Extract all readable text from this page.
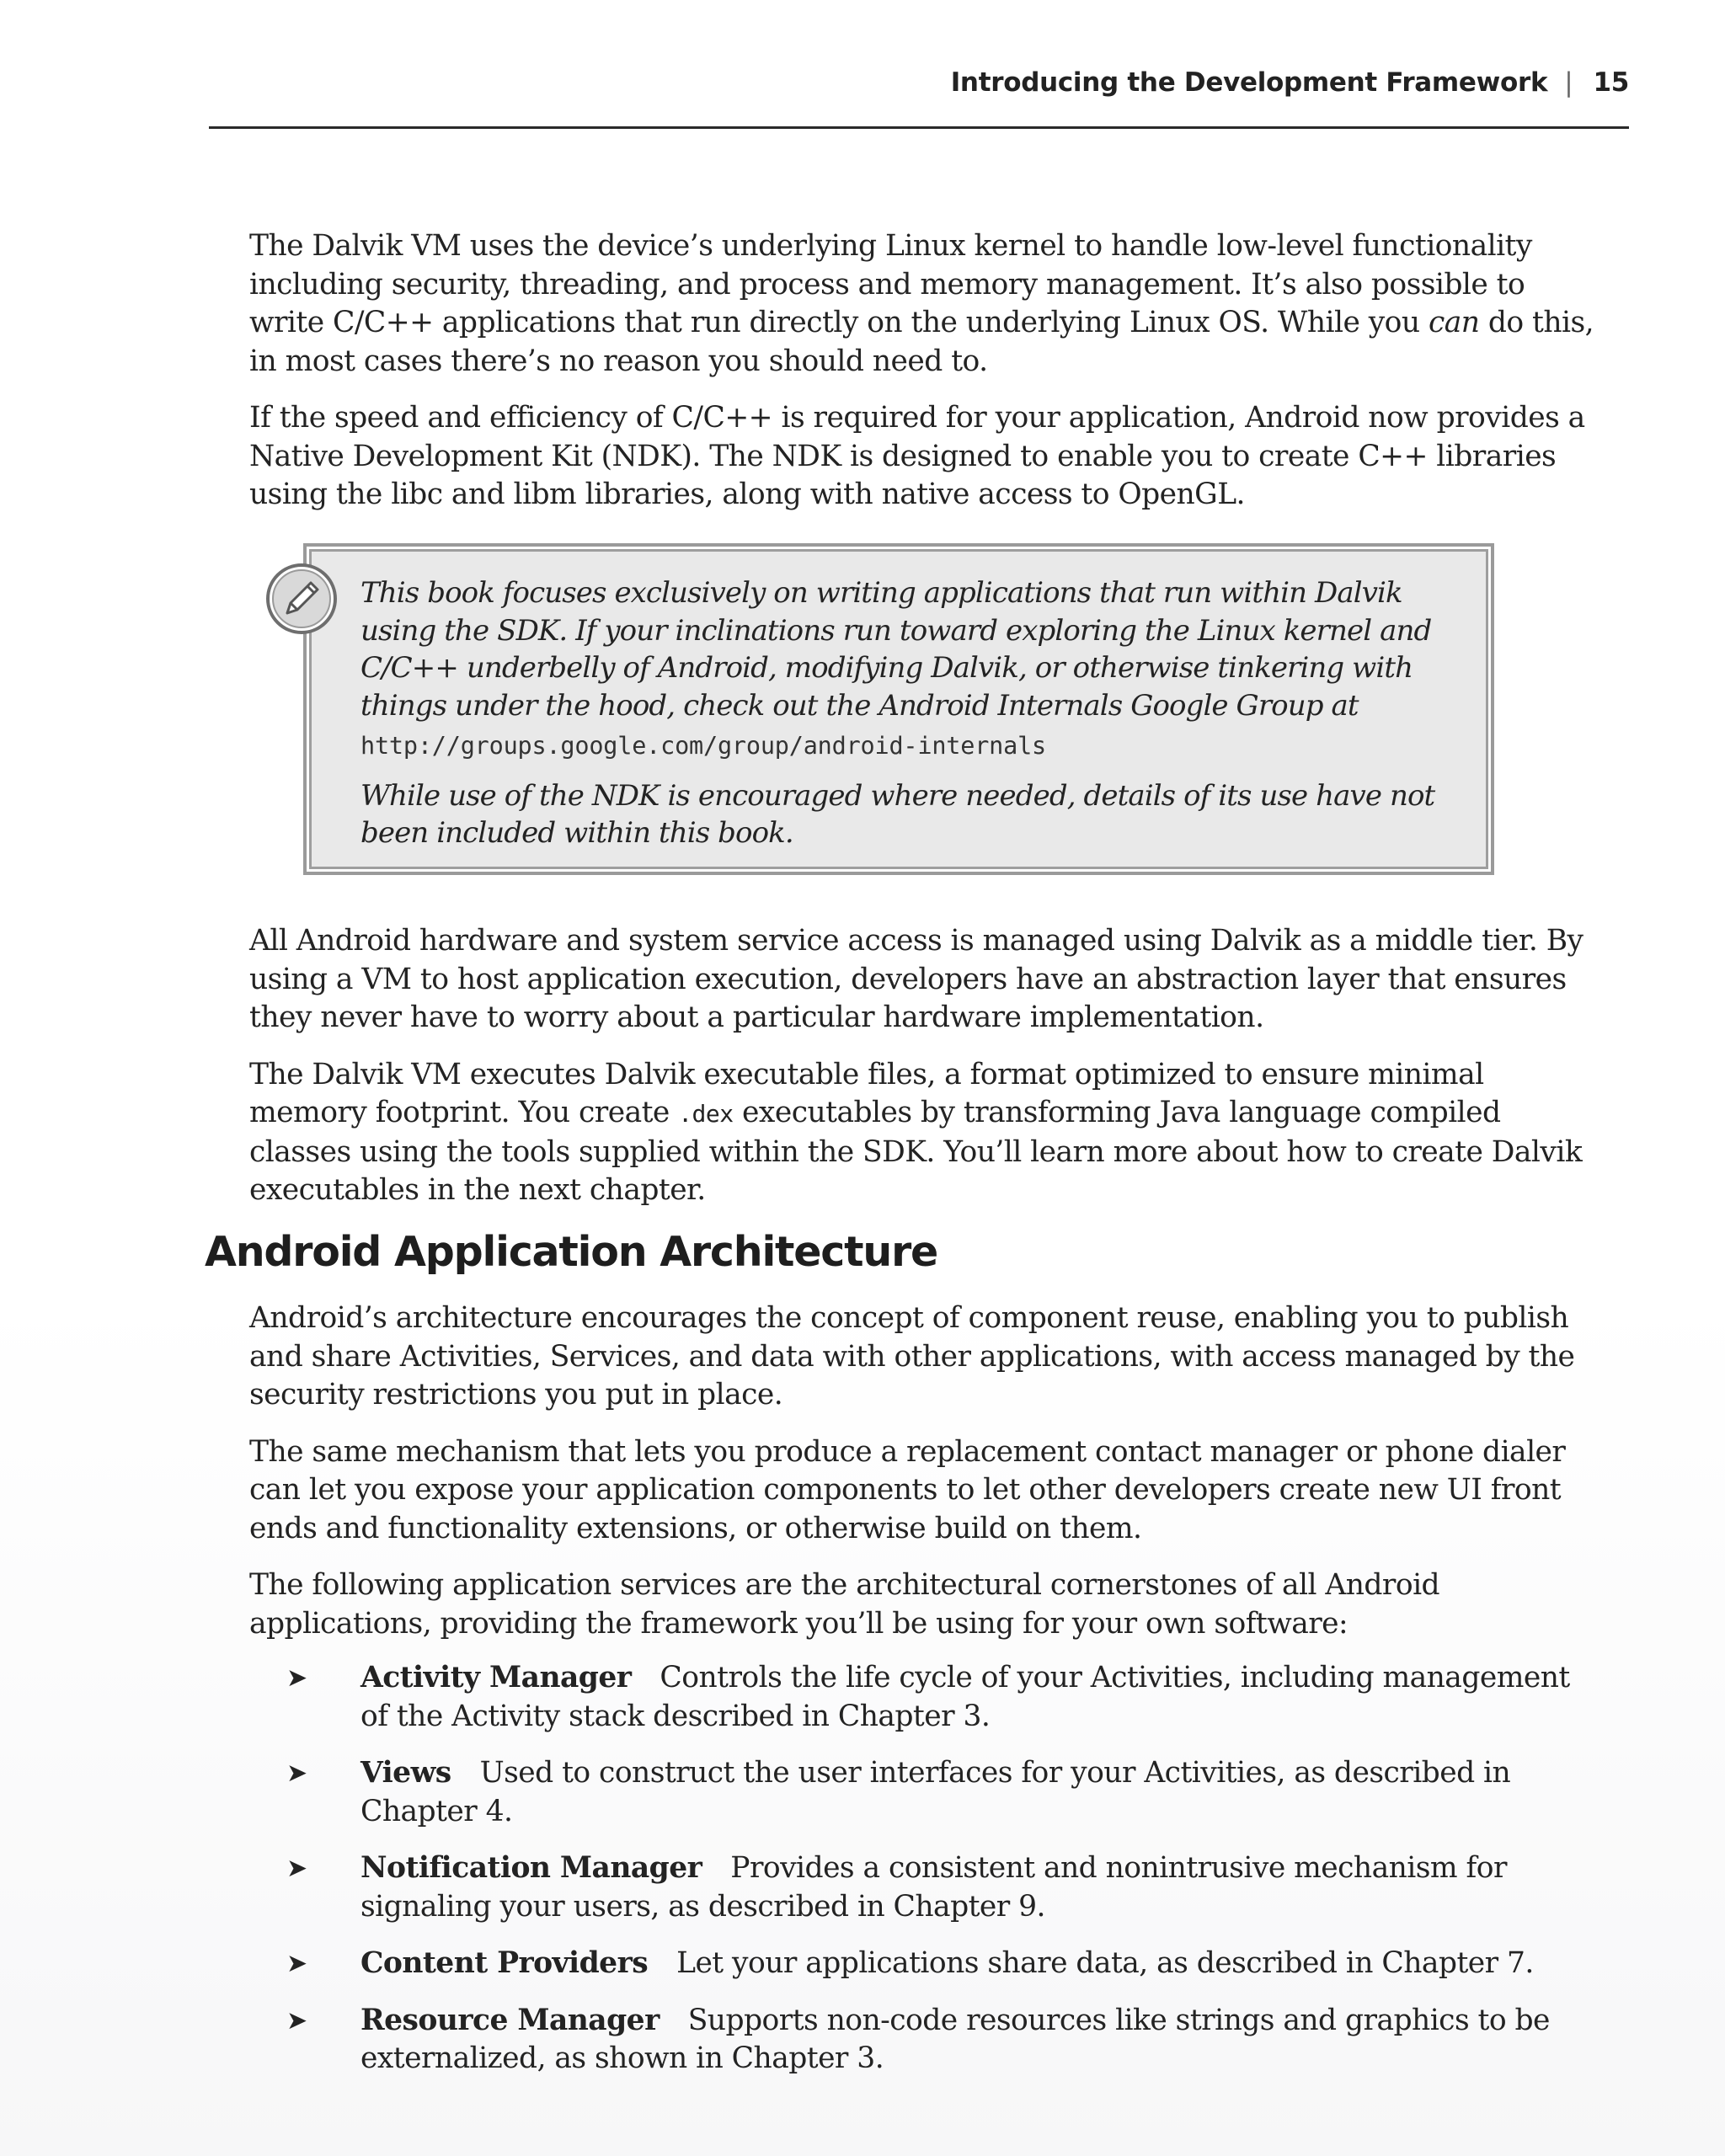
Introducing the Development Framework | 15

The Dalvik VM uses the device’s underlying Linux kernel to handle low-level functionality including security, threading, and process and memory management. It’s also possible to write C/C++ applications that run directly on the underlying Linux OS. While you can do this, in most cases there’s no reason you should need to.

If the speed and efficiency of C/C++ is required for your application, Android now provides a Native Development Kit (NDK). The NDK is designed to enable you to create C++ libraries using the libc and libm libraries, along with native access to OpenGL.

This book focuses exclusively on writing applications that run within Dalvik using the SDK. If your inclinations run toward exploring the Linux kernel and C/C++ underbelly of Android, modifying Dalvik, or otherwise tinkering with things under the hood, check out the Android Internals Google Group at

http://groups.google.com/group/android-internals

While use of the NDK is encouraged where needed, details of its use have not been included within this book.

All Android hardware and system service access is managed using Dalvik as a middle tier. By using a VM to host application execution, developers have an abstraction layer that ensures they never have to worry about a particular hardware implementation.

The Dalvik VM executes Dalvik executable files, a format optimized to ensure minimal memory footprint. You create .dex executables by transforming Java language compiled classes using the tools supplied within the SDK. You’ll learn more about how to create Dalvik executables in the next chapter.

Android Application Architecture

Android’s architecture encourages the concept of component reuse, enabling you to publish and share Activities, Services, and data with other applications, with access managed by the security restrictions you put in place.

The same mechanism that lets you produce a replacement contact manager or phone dialer can let you expose your application components to let other developers create new UI front ends and functionality extensions, or otherwise build on them.

The following application services are the architectural cornerstones of all Android applications, providing the framework you’ll be using for your own software:

➤ Activity Manager Controls the life cycle of your Activities, including management of the Activity stack described in Chapter 3.
➤ Views Used to construct the user interfaces for your Activities, as described in Chapter 4.
➤ Notification Manager Provides a consistent and nonintrusive mechanism for signaling your users, as described in Chapter 9.
➤ Content Providers Let your applications share data, as described in Chapter 7.
➤ Resource Manager Supports non-code resources like strings and graphics to be externalized, as shown in Chapter 3.
